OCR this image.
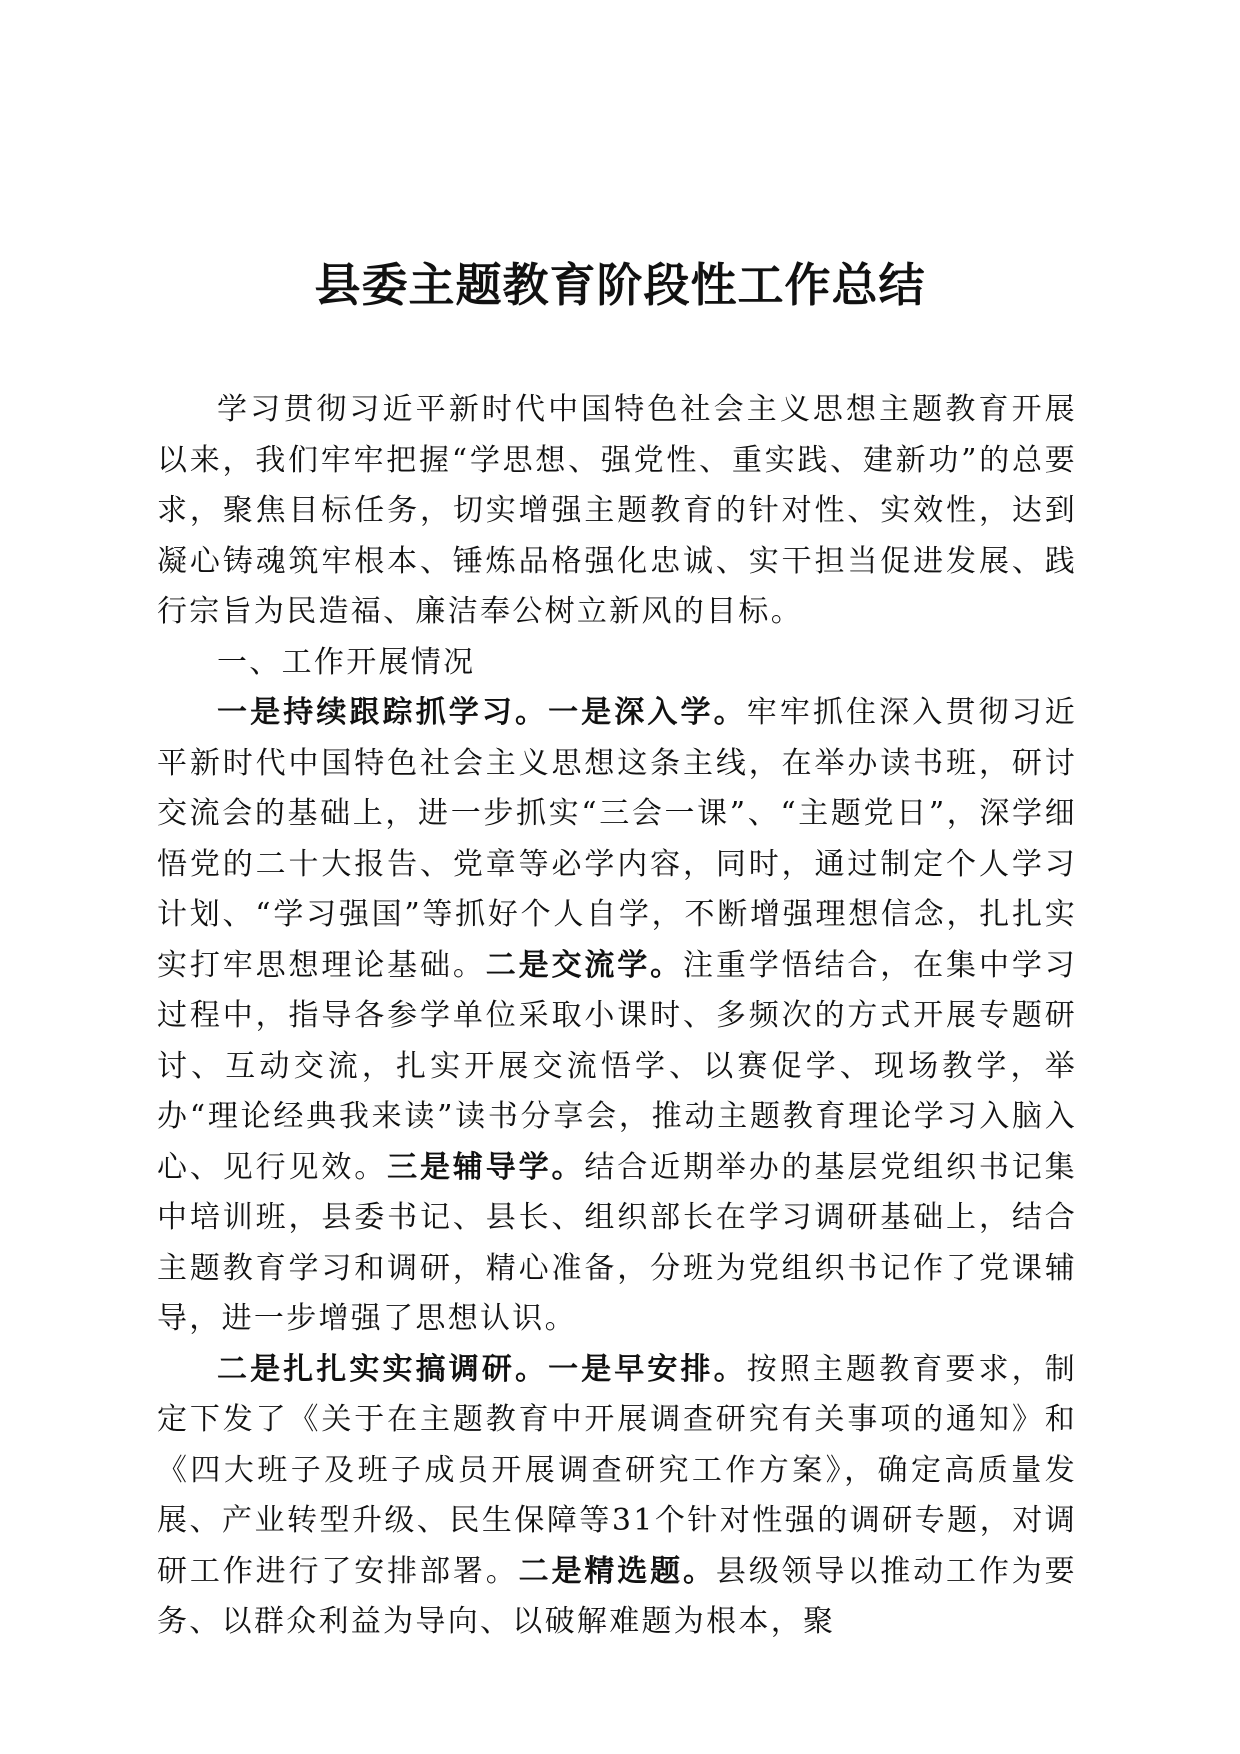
县委主题教育阶段性工作总结

学习贯彻习近平新时代中国特色社会主义思想主题教育开展以来，我们牢牢把握“学思想、强党性、重实践、建新功”的总要求，聚焦目标任务，切实增强主题教育的针对性、实效性，达到凝心铸魂筑牢根本、锤炼品格强化忠诚、实干担当促进发展、践行宗旨为民造福、廉洁奉公树立新风的目标。

一、工作开展情况

一是持续跟踪抓学习。一是深入学。牢牢抓住深入贯彻习近平新时代中国特色社会主义思想这条主线，在举办读书班，研讨交流会的基础上，进一步抓实“三会一课”、“主题党日”，深学细悟党的二十大报告、党章等必学内容，同时，通过制定个人学习计划、“学习强国”等抓好个人自学，不断增强理想信念，扎扎实实打牢思想理论基础。二是交流学。注重学悟结合，在集中学习过程中，指导各参学单位采取小课时、多频次的方式开展专题研讨、互动交流，扎实开展交流悟学、以赛促学、现场教学，举办“理论经典我来读”读书分享会，推动主题教育理论学习入脑入心、见行见效。三是辅导学。结合近期举办的基层党组织书记集中培训班，县委书记、县长、组织部长在学习调研基础上，结合主题教育学习和调研，精心准备，分班为党组织书记作了党课辅导，进一步增强了思想认识。

二是扎扎实实搞调研。一是早安排。按照主题教育要求，制定下发了《关于在主题教育中开展调查研究有关事项的通知》和《四大班子及班子成员开展调查研究工作方案》，确定高质量发展、产业转型升级、民生保障等31个针对性强的调研专题，对调研工作进行了安排部署。二是精选题。县级领导以推动工作为要务、以群众利益为导向、以破解难题为根本，聚
